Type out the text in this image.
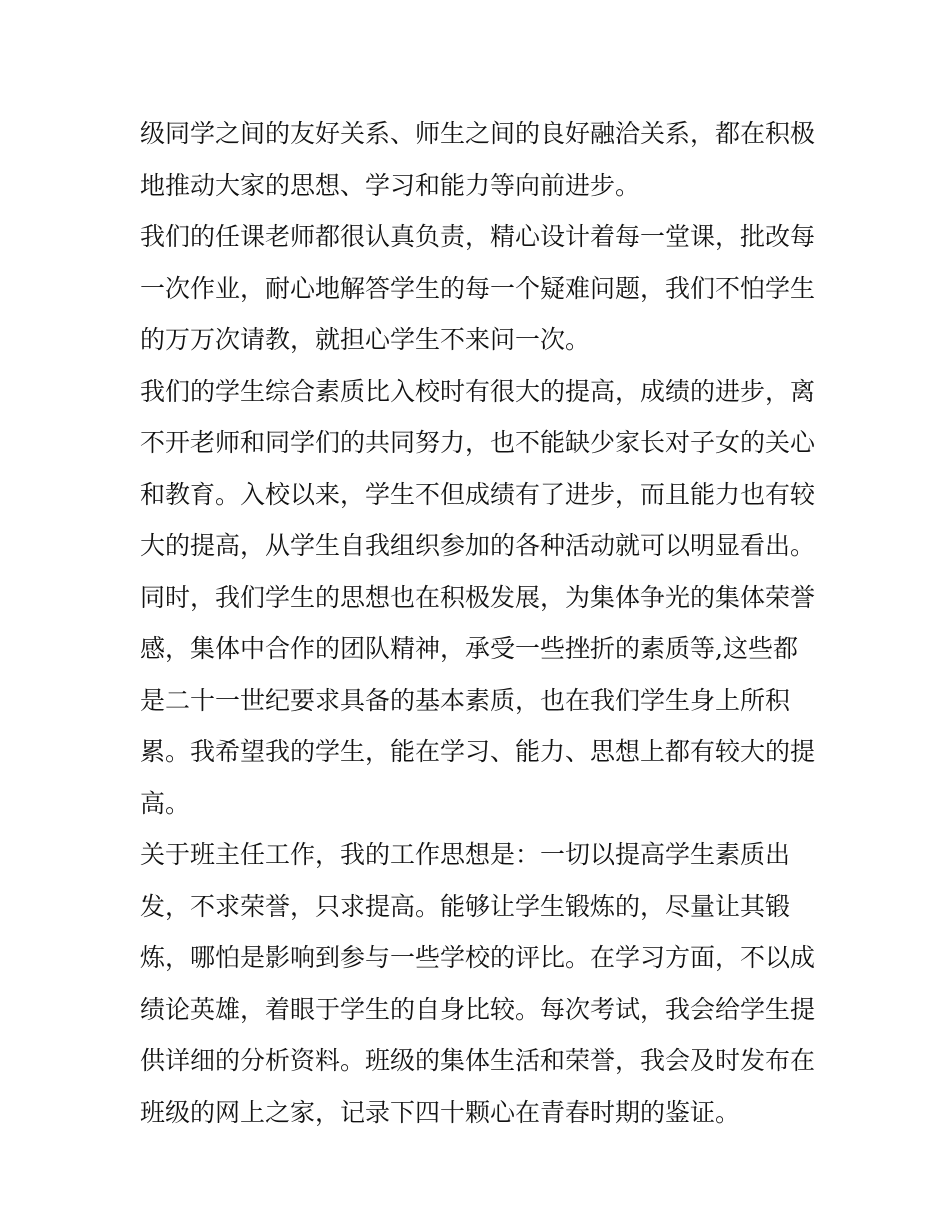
级同学之间的友好关系、师生之间的良好融洽关系，都在积极
地推动大家的思想、学习和能力等向前进步。
我们的任课老师都很认真负责，精心设计着每一堂课，批改每
一次作业，耐心地解答学生的每一个疑难问题，我们不怕学生
的万万次请教，就担心学生不来问一次。
我们的学生综合素质比入校时有很大的提高，成绩的进步，离
不开老师和同学们的共同努力，也不能缺少家长对子女的关心
和教育。入校以来，学生不但成绩有了进步，而且能力也有较
大的提高，从学生自我组织参加的各种活动就可以明显看出。
同时，我们学生的思想也在积极发展，为集体争光的集体荣誉
感，集体中合作的团队精神，承受一些挫折的素质等,这些都
是二十一世纪要求具备的基本素质，也在我们学生身上所积
累。我希望我的学生，能在学习、能力、思想上都有较大的提
高。
关于班主任工作，我的工作思想是：一切以提高学生素质出
发，不求荣誉，只求提高。能够让学生锻炼的，尽量让其锻
炼，哪怕是影响到参与一些学校的评比。在学习方面，不以成
绩论英雄，着眼于学生的自身比较。每次考试，我会给学生提
供详细的分析资料。班级的集体生活和荣誉，我会及时发布在
班级的网上之家，记录下四十颗心在青春时期的鉴证。
